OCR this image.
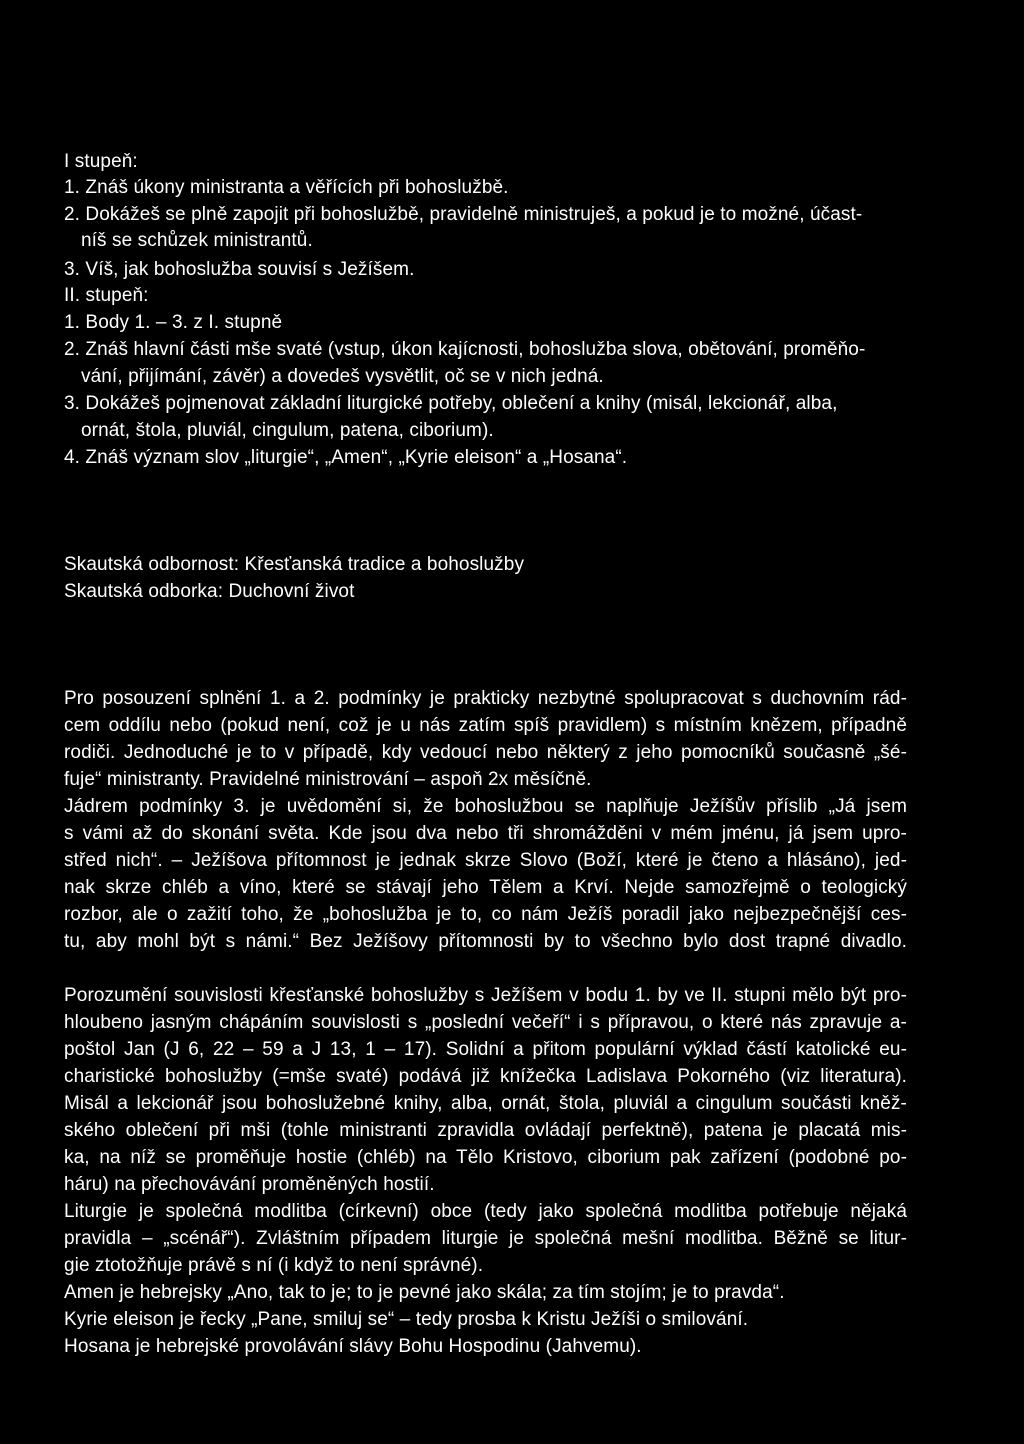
I stupeň:
1. Znáš úkony ministranta a věřících při bohoslužbě.
2. Dokážeš se plně zapojit při bohoslužbě, pravidelně ministruješ, a pokud je to možné, účast-
níš se schůzek ministrantů.
3. Víš, jak bohoslužba souvisí s Ježíšem.
II. stupeň:
1. Body 1. – 3. z I. stupně
2. Znáš hlavní části mše svaté (vstup, úkon kajícnosti, bohoslužba slova, obětování, proměňo-
vání, přijímání, závěr) a dovedeš vysvětlit, oč se v nich jedná.
3. Dokážeš pojmenovat základní liturgické potřeby, oblečení a knihy (misál, lekcionář, alba,
ornát, štola, pluviál, cingulum, patena, ciborium).
4. Znáš význam slov „liturgie“, „Amen“, „Kyrie eleison“ a „Hosana“.
Skautská odbornost: Křesťanská tradice a bohoslužby
Skautská odborka: Duchovní život
Pro posouzení splnění 1. a 2. podmínky je prakticky nezbytné spolupracovat s duchovním rád-
cem oddílu nebo (pokud není, což je u nás zatím spíš pravidlem) s místním knězem, případně
rodiči. Jednoduché je to v případě, kdy vedoucí nebo některý z jeho pomocníků současně „šé-
fuje“ ministranty. Pravidelné ministrování – aspoň 2x měsíčně.
Jádrem podmínky 3. je uvědomění si, že bohoslužbou se naplňuje Ježíšův příslib „Já jsem
s vámi až do skonání světa. Kde jsou dva nebo tři shromážděni v mém jménu, já jsem upro-
střed nich“. – Ježíšova přítomnost je jednak skrze Slovo (Boží, které je čteno a hlásáno), jed-
nak skrze chléb a víno, které se stávají jeho Tělem a Krví. Nejde samozřejmě o teologický
rozbor, ale o zažití toho, že „bohoslužba je to, co nám Ježíš poradil jako nejbezpečnější ces-
tu, aby mohl být s námi.“ Bez Ježíšovy přítomnosti by to všechno bylo dost trapné divadlo.
Porozumění souvislosti křesťanské bohoslužby s Ježíšem v bodu 1. by ve II. stupni mělo být pro-
hloubeno jasným chápáním souvislosti s „poslední večeří“ i s přípravou, o které nás zpravuje a-
poštol Jan (J 6, 22 – 59 a J 13, 1 – 17). Solidní a přitom populární výklad částí katolické eu-
charistické bohoslužby (=mše svaté) podává již knížečka Ladislava Pokorného (viz literatura).
Misál a lekcionář jsou bohoslužebné knihy, alba, ornát, štola, pluviál a cingulum součásti kněž-
ského oblečení při mši (tohle ministranti zpravidla ovládají perfektně), patena je placatá mis-
ka, na níž se proměňuje hostie (chléb) na Tělo Kristovo, ciborium pak zařízení (podobné po-
háru) na přechovávání proměněných hostií.
Liturgie je společná modlitba (církevní) obce (tedy jako společná modlitba potřebuje nějaká
pravidla – „scénář“). Zvláštním případem liturgie je společná mešní modlitba. Běžně se litur-
gie ztotožňuje právě s ní (i když to není správné).
Amen je hebrejsky „Ano, tak to je; to je pevné jako skála; za tím stojím; je to pravda“.
Kyrie eleison je řecky „Pane, smiluj se“ – tedy prosba k Kristu Ježíši o smilování.
Hosana je hebrejské provolávání slávy Bohu Hospodinu (Jahvemu).
